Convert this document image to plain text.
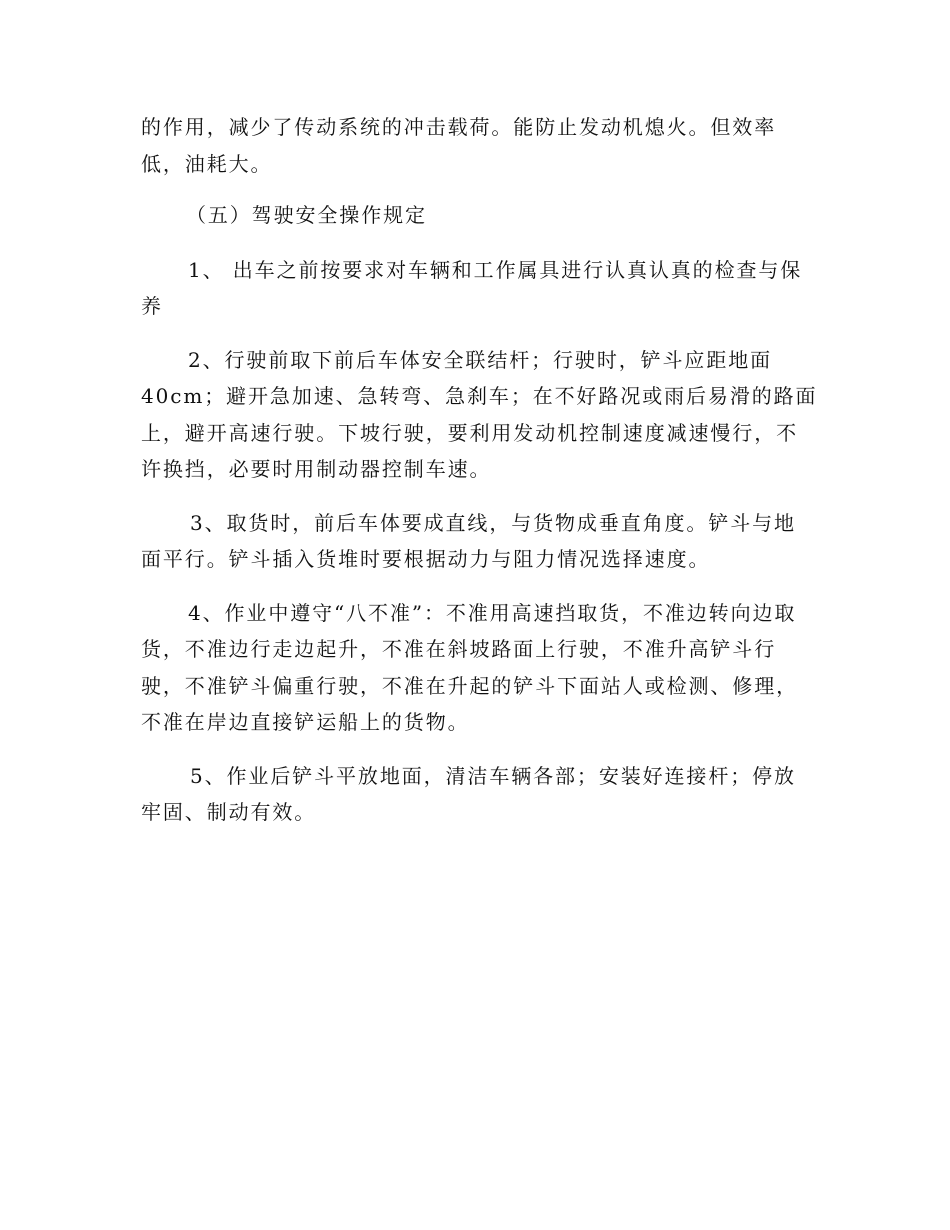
的作用，减少了传动系统的冲击载荷。能防止发动机熄火。但效率
低，油耗大。
（五）驾驶安全操作规定
1、 出车之前按要求对车辆和工作属具进行认真认真的检查与保
养
2、行驶前取下前后车体安全联结杆；行驶时，铲斗应距地面
40cm；避开急加速、急转弯、急刹车；在不好路况或雨后易滑的路面
上，避开高速行驶。下坡行驶，要利用发动机控制速度减速慢行，不
许换挡，必要时用制动器控制车速。
3、取货时，前后车体要成直线，与货物成垂直角度。铲斗与地
面平行。铲斗插入货堆时要根据动力与阻力情况选择速度。
4、作业中遵守“八不准”：不准用高速挡取货，不准边转向边取
货，不准边行走边起升，不准在斜坡路面上行驶，不准升高铲斗行
驶，不准铲斗偏重行驶，不准在升起的铲斗下面站人或检测、修理，
不准在岸边直接铲运船上的货物。
5、作业后铲斗平放地面，清洁车辆各部；安装好连接杆；停放
牢固、制动有效。
